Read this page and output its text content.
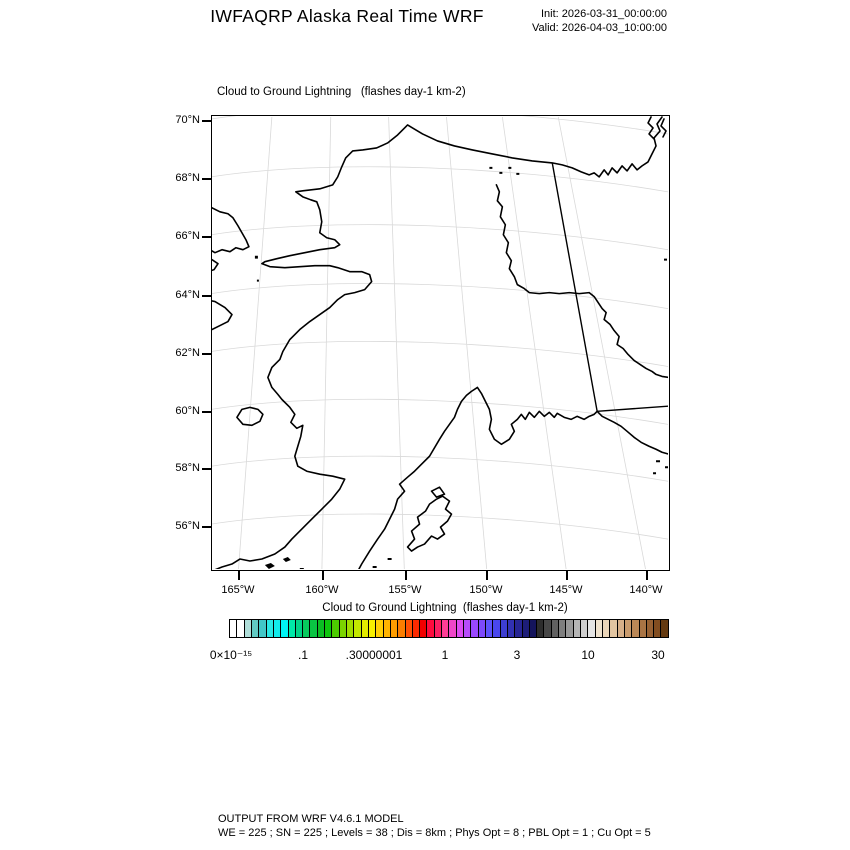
IWFAQRP Alaska Real Time WRF	Init: 2026-03-31_00:00:00
Valid: 2026-04-03_10:00:00
Cloud to Ground Lightning   (flashes day-1 km-2)
70°N
68°N
66°N
64°N
62°N
60°N
58°N
56°N
165°W	160°W	155°W	150°W	145°W	140°W
Cloud to Ground Lightning  (flashes day-1 km-2)
0×10⁻¹⁵	.1	.30000001	1	3	10	30
OUTPUT FROM WRF V4.6.1 MODEL
WE = 225 ; SN = 225 ; Levels = 38 ; Dis = 8km ; Phys Opt = 8 ; PBL Opt = 1 ; Cu Opt = 5
